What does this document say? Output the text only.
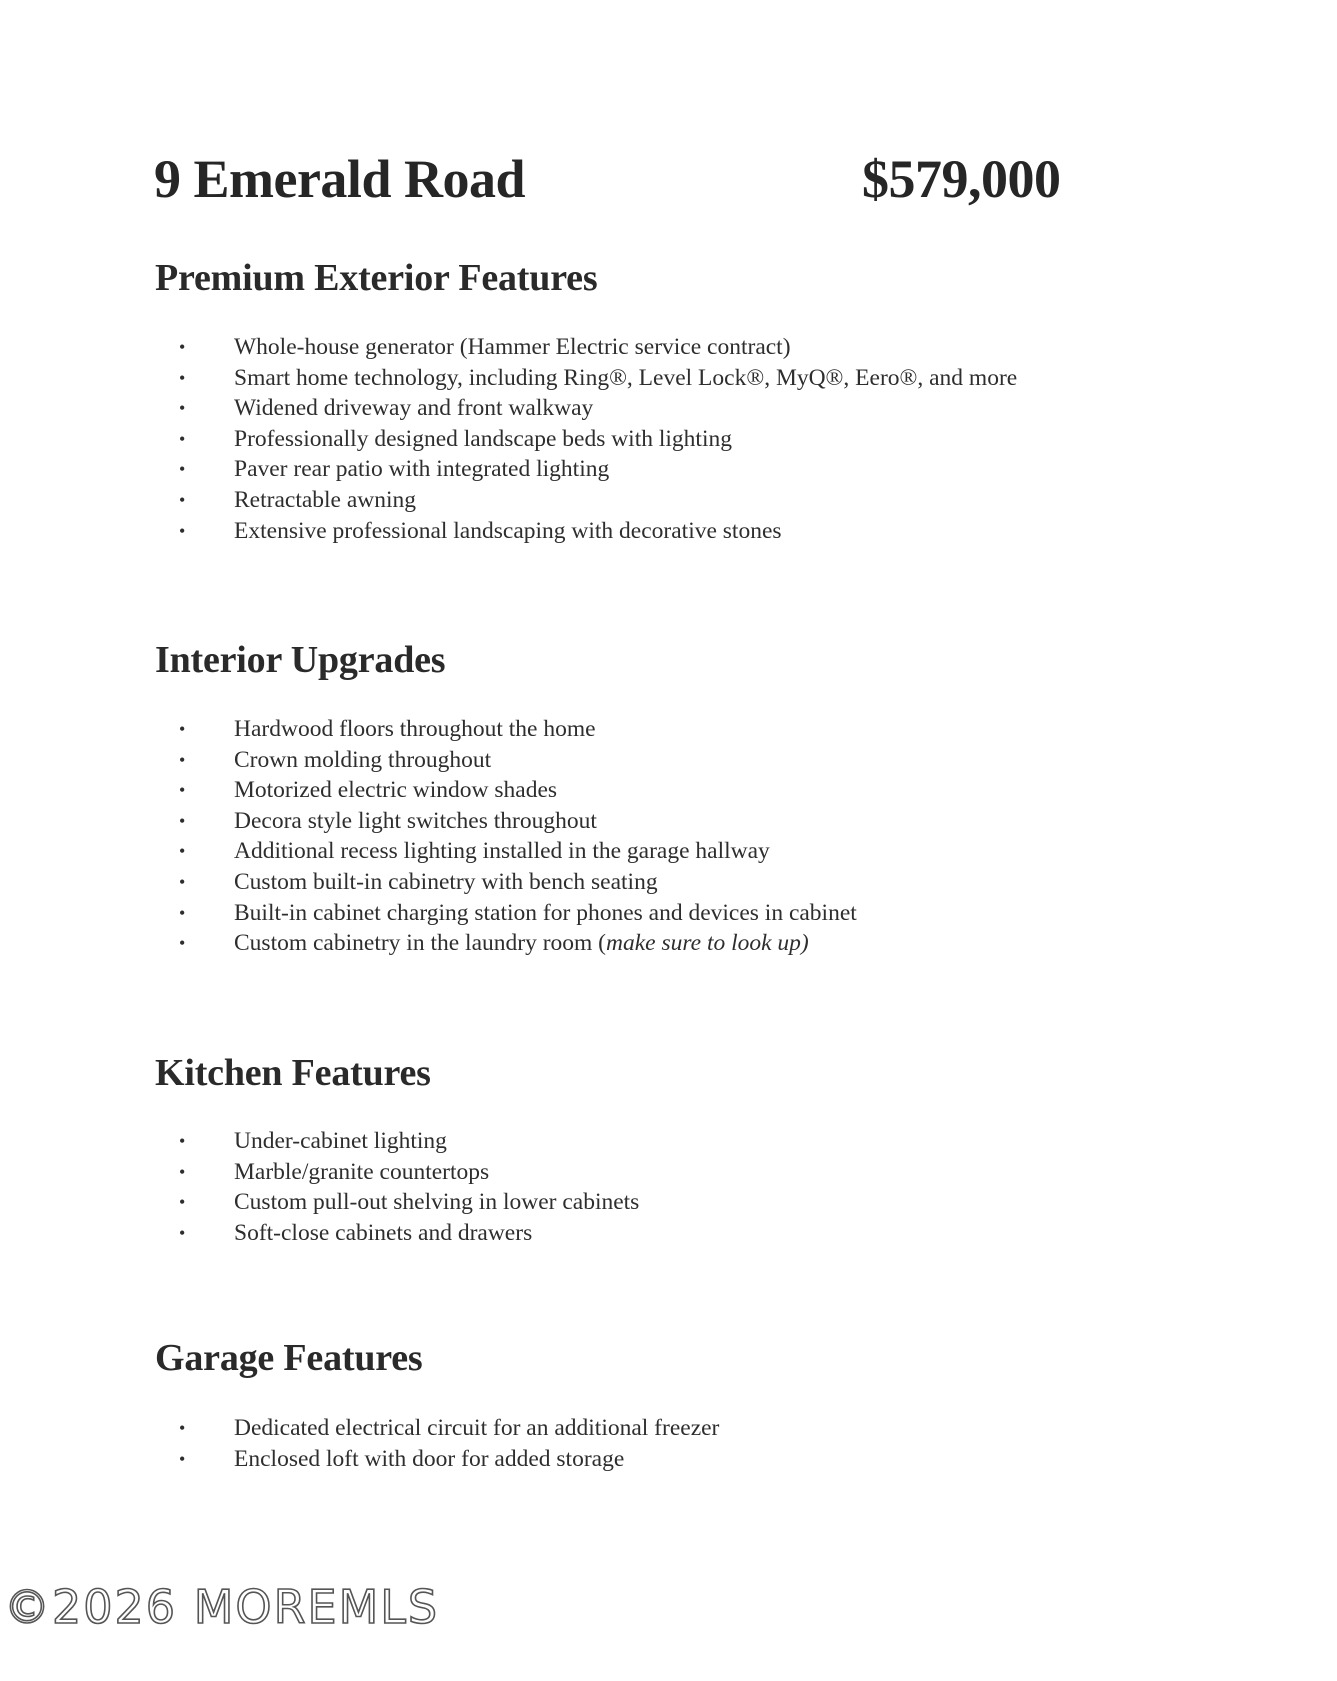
9 Emerald Road	$579,000
Premium Exterior Features
• Whole-house generator (Hammer Electric service contract)
• Smart home technology, including Ring®, Level Lock®, MyQ®, Eero®, and more
• Widened driveway and front walkway
• Professionally designed landscape beds with lighting
• Paver rear patio with integrated lighting
• Retractable awning
• Extensive professional landscaping with decorative stones
Interior Upgrades
• Hardwood floors throughout the home
• Crown molding throughout
• Motorized electric window shades
• Decora style light switches throughout
• Additional recess lighting installed in the garage hallway
• Custom built-in cabinetry with bench seating
• Built-in cabinet charging station for phones and devices in cabinet
• Custom cabinetry in the laundry room (make sure to look up)
Kitchen Features
• Under-cabinet lighting
• Marble/granite countertops
• Custom pull-out shelving in lower cabinets
• Soft-close cabinets and drawers
Garage Features
• Dedicated electrical circuit for an additional freezer
• Enclosed loft with door for added storage
©2026 MOREMLS
